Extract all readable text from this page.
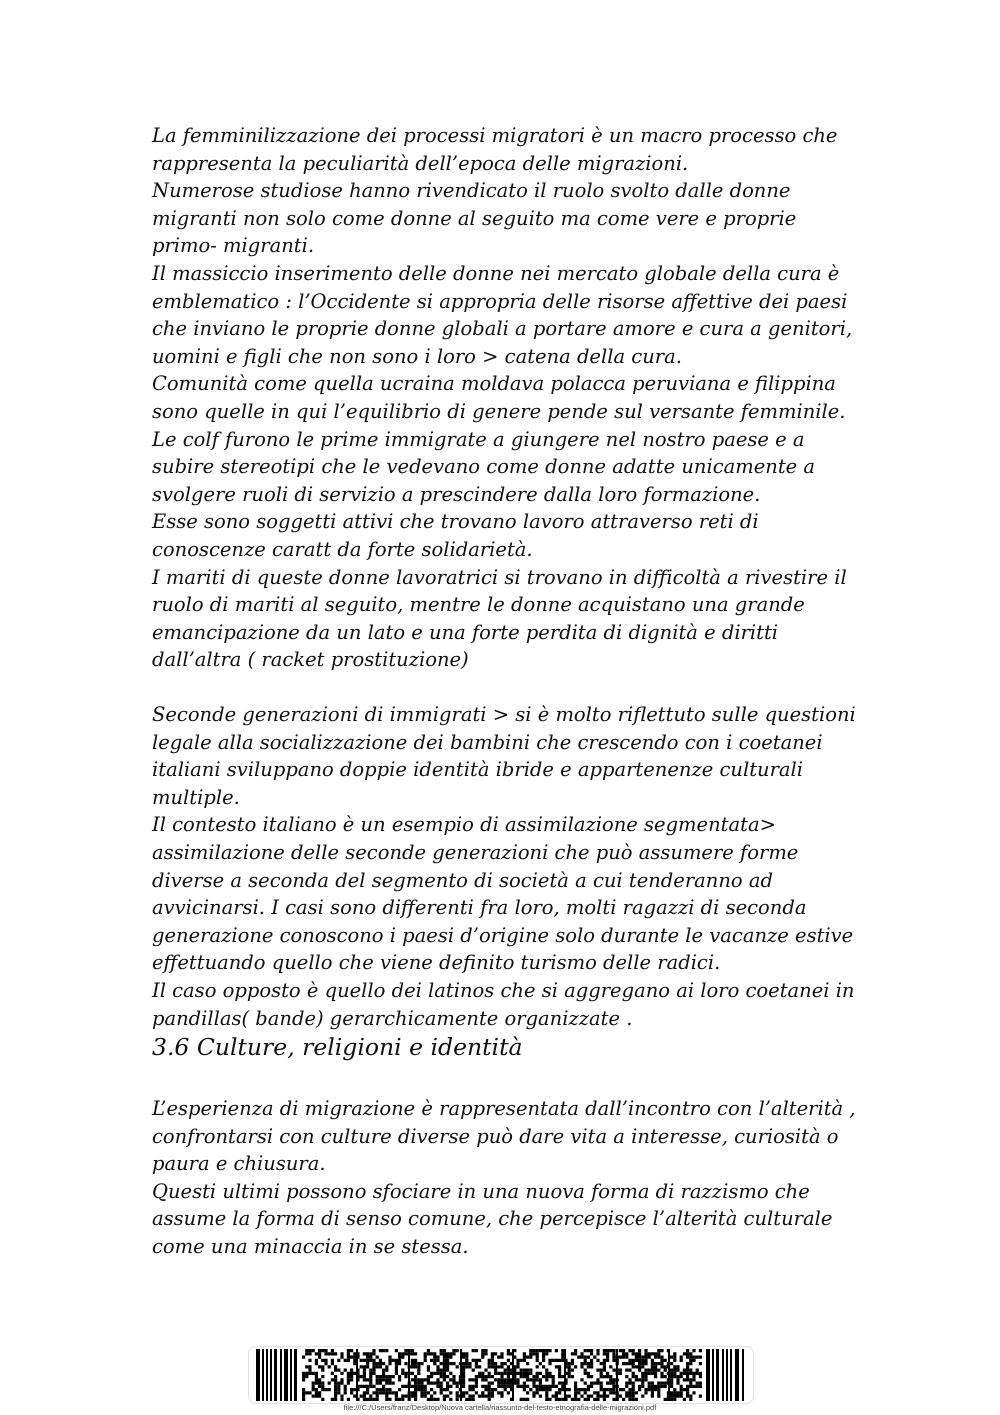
La femminilizzazione dei processi migratori è un macro processo che
rappresenta la peculiarità dell’epoca delle migrazioni.
Numerose studiose hanno rivendicato il ruolo svolto dalle donne
migranti non solo come donne al seguito ma come vere e proprie
primo- migranti.
Il massiccio inserimento delle donne nei mercato globale della cura è
emblematico : l’Occidente si appropria delle risorse affettive dei paesi
che inviano le proprie donne globali a portare amore e cura a genitori,
uomini e figli che non sono i loro > catena della cura.
Comunità come quella ucraina moldava polacca peruviana e filippina
sono quelle in qui l’equilibrio di genere pende sul versante femminile.
Le colf furono le prime immigrate a giungere nel nostro paese e a
subire stereotipi che le vedevano come donne adatte unicamente a
svolgere ruoli di servizio a prescindere dalla loro formazione.
Esse sono soggetti attivi che trovano lavoro attraverso reti di
conoscenze caratt da forte solidarietà.
I mariti di queste donne lavoratrici si trovano in difficoltà a rivestire il
ruolo di mariti al seguito, mentre le donne acquistano una grande
emancipazione da un lato e una forte perdita di dignità e diritti
dall’altra ( racket prostituzione)
Seconde generazioni di immigrati > si è molto riflettuto sulle questioni
legale alla socializzazione dei bambini che crescendo con i coetanei
italiani sviluppano doppie identità ibride e appartenenze culturali
multiple.
Il contesto italiano è un esempio di assimilazione segmentata>
assimilazione delle seconde generazioni che può assumere forme
diverse a seconda del segmento di società a cui tenderanno ad
avvicinarsi. I casi sono differenti fra loro, molti ragazzi di seconda
generazione conoscono i paesi d’origine solo durante le vacanze estive
effettuando quello che viene definito turismo delle radici.
Il caso opposto è quello dei latinos che si aggregano ai loro coetanei in
pandillas( bande) gerarchicamente organizzate .
3.6 Culture, religioni e identità
L’esperienza di migrazione è rappresentata dall’incontro con l’alterità ,
confrontarsi con culture diverse può dare vita a interesse, curiosità o
paura e chiusura.
Questi ultimi possono sfociare in una nuova forma di razzismo che
assume la forma di senso comune, che percepisce l’alterità culturale
come una minaccia in se stessa.
file:///C:/Users/franz/Desktop/Nuova cartella/riassunto-del-testo-etnografia-delle-migrazioni.pdf
